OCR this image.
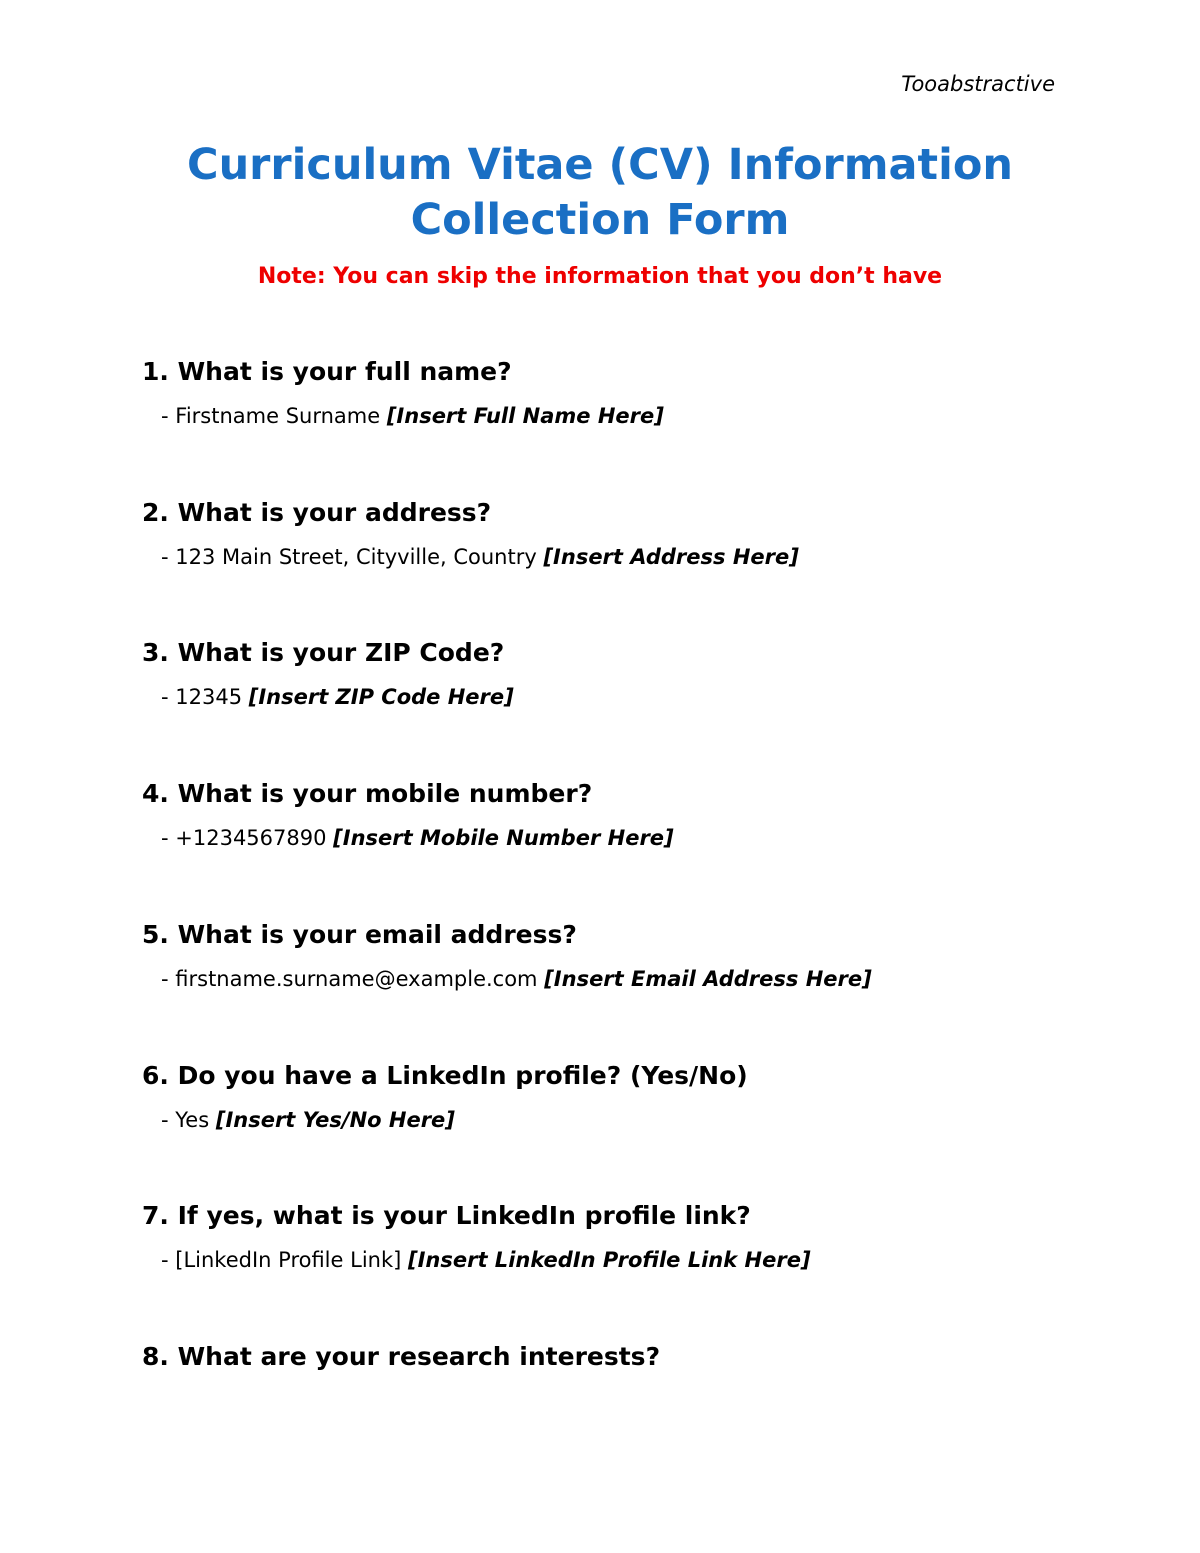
Tooabstractive
Curriculum Vitae (CV) Information
Collection Form
Note: You can skip the information that you don’t have
1. What is your full name?
- Firstname Surname [Insert Full Name Here]
2. What is your address?
- 123 Main Street, Cityville, Country [Insert Address Here]
3. What is your ZIP Code?
- 12345 [Insert ZIP Code Here]
4. What is your mobile number?
- +1234567890 [Insert Mobile Number Here]
5. What is your email address?
- firstname.surname@example.com [Insert Email Address Here]
6. Do you have a LinkedIn profile? (Yes/No)
- Yes [Insert Yes/No Here]
7. If yes, what is your LinkedIn profile link?
- [LinkedIn Profile Link] [Insert LinkedIn Profile Link Here]
8. What are your research interests?
